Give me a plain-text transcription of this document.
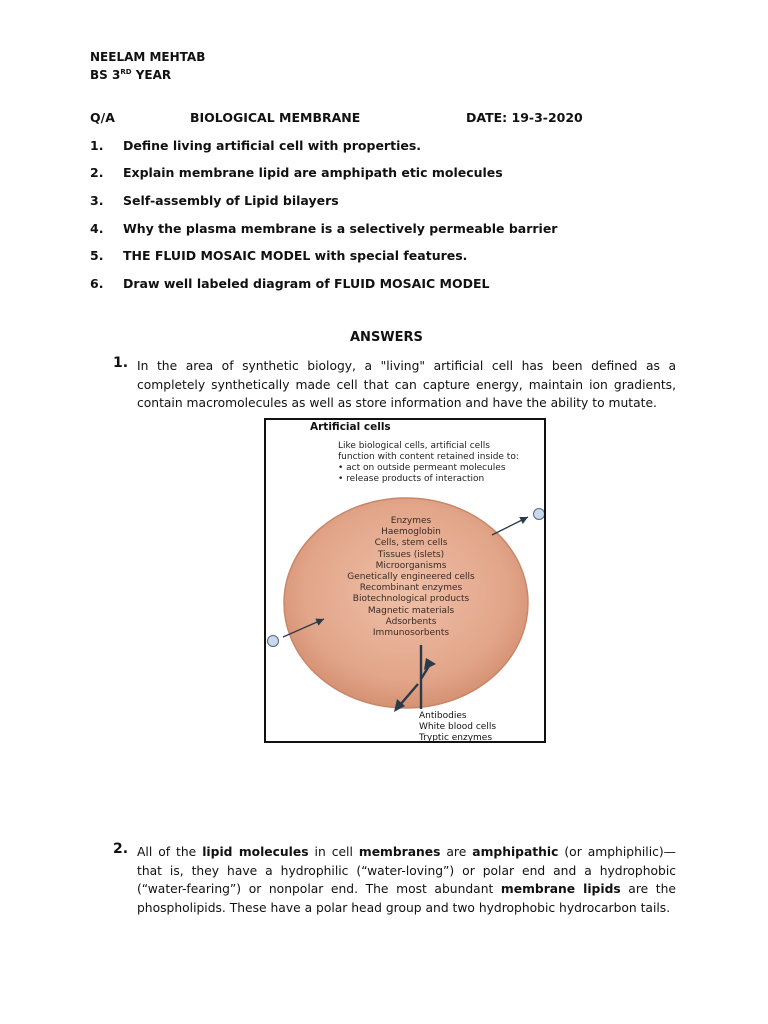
NEELAM MEHTAB
BS 3RD YEAR
Q/A	BIOLOGICAL MEMBRANE	DATE: 19-3-2020
1. Define living artificial cell with properties.
2. Explain membrane lipid are amphipath etic molecules
3. Self-assembly of Lipid bilayers
4. Why the plasma membrane is a selectively permeable barrier
5. THE FLUID MOSAIC MODEL with special features.
6. Draw well labeled diagram of FLUID MOSAIC MODEL
ANSWERS
1. In the area of synthetic biology, a "living" artificial cell has been defined as a completely synthetically made cell that can capture energy, maintain ion gradients, contain macromolecules as well as store information and have the ability to mutate.
Artificial cells
Like biological cells, artificial cells
function with content retained inside to:
• act on outside permeant molecules
• release products of interaction
Enzymes
Haemoglobin
Cells, stem cells
Tissues (islets)
Microorganisms
Genetically engineered cells
Recombinant enzymes
Biotechnological products
Magnetic materials
Adsorbents
Immunosorbents
Antibodies
White blood cells
Tryptic enzymes
2. All of the lipid molecules in cell membranes are amphipathic (or amphiphilic)—that is, they have a hydrophilic (“water-loving”) or polar end and a hydrophobic (“water-fearing”) or nonpolar end. The most abundant membrane lipids are the phospholipids. These have a polar head group and two hydrophobic hydrocarbon tails.
